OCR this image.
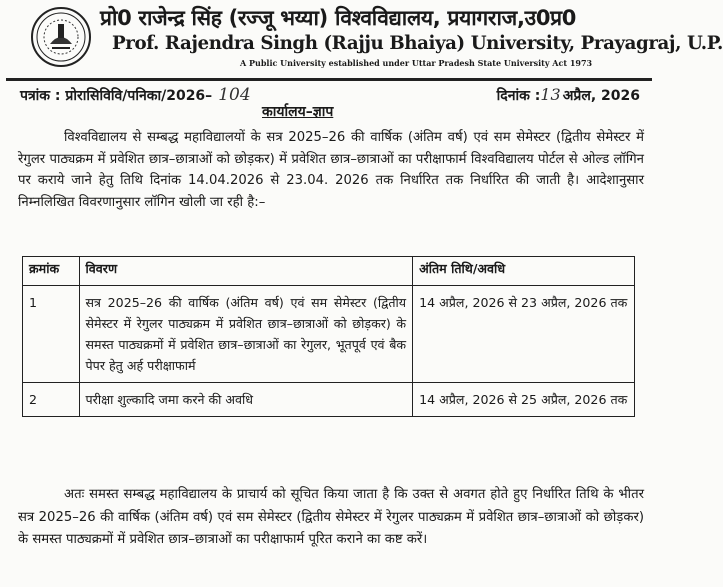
प्रो0 राजेन्द्र सिंह (रज्जू भय्या) विश्वविद्यालय, प्रयागराज,उ0प्र0
Prof. Rajendra Singh (Rajju Bhaiya) University, Prayagraj, U.P.
A Public University established under Uttar Pradesh State University Act 1973
पत्रांक : प्रोरासिविवि/पनिका/2026– 104	दिनांक :13 अप्रैल, 2026
कार्यालय–ज्ञाप

विश्वविद्यालय से सम्बद्ध महाविद्यालयों के सत्र 2025–26 की वार्षिक (अंतिम वर्ष) एवं सम सेमेस्टर (द्वितीय सेमेस्टर में रेगुलर पाठ्यक्रम में प्रवेशित छात्र–छात्राओं को छोड़कर) में प्रवेशित छात्र–छात्राओं का परीक्षाफार्म विश्वविद्यालय पोर्टल से ओल्ड लॉगिन पर कराये जाने हेतु तिथि दिनांक 14.04.2026 से 23.04. 2026 तक निर्धारित तक निर्धारित की जाती है। आदेशानुसार निम्नलिखित विवरणानुसार लॉगिन खोली जा रही है:–

क्रमांक	विवरण	अंतिम तिथि/अवधि
1	सत्र 2025–26 की वार्षिक (अंतिम वर्ष) एवं सम सेमेस्टर (द्वितीय सेमेस्टर में रेगुलर पाठ्यक्रम में प्रवेशित छात्र–छात्राओं को छोड़कर) के समस्त पाठ्यक्रमों में प्रवेशित छात्र–छात्राओं का रेगुलर, भूतपूर्व एवं बैक पेपर हेतु अर्ह परीक्षाफार्म	14 अप्रैल, 2026 से 23 अप्रैल, 2026 तक
2	परीक्षा शुल्कादि जमा करने की अवधि	14 अप्रैल, 2026 से 25 अप्रैल, 2026 तक

अतः समस्त सम्बद्ध महाविद्यालय के प्राचार्य को सूचित किया जाता है कि उक्त से अवगत होते हुए निर्धारित तिथि के भीतर सत्र 2025–26 की वार्षिक (अंतिम वर्ष) एवं सम सेमेस्टर (द्वितीय सेमेस्टर में रेगुलर पाठ्यक्रम में प्रवेशित छात्र–छात्राओं को छोड़कर) के समस्त पाठ्यक्रमों में प्रवेशित छात्र–छात्राओं का परीक्षाफार्म पूरित कराने का कष्ट करें।
